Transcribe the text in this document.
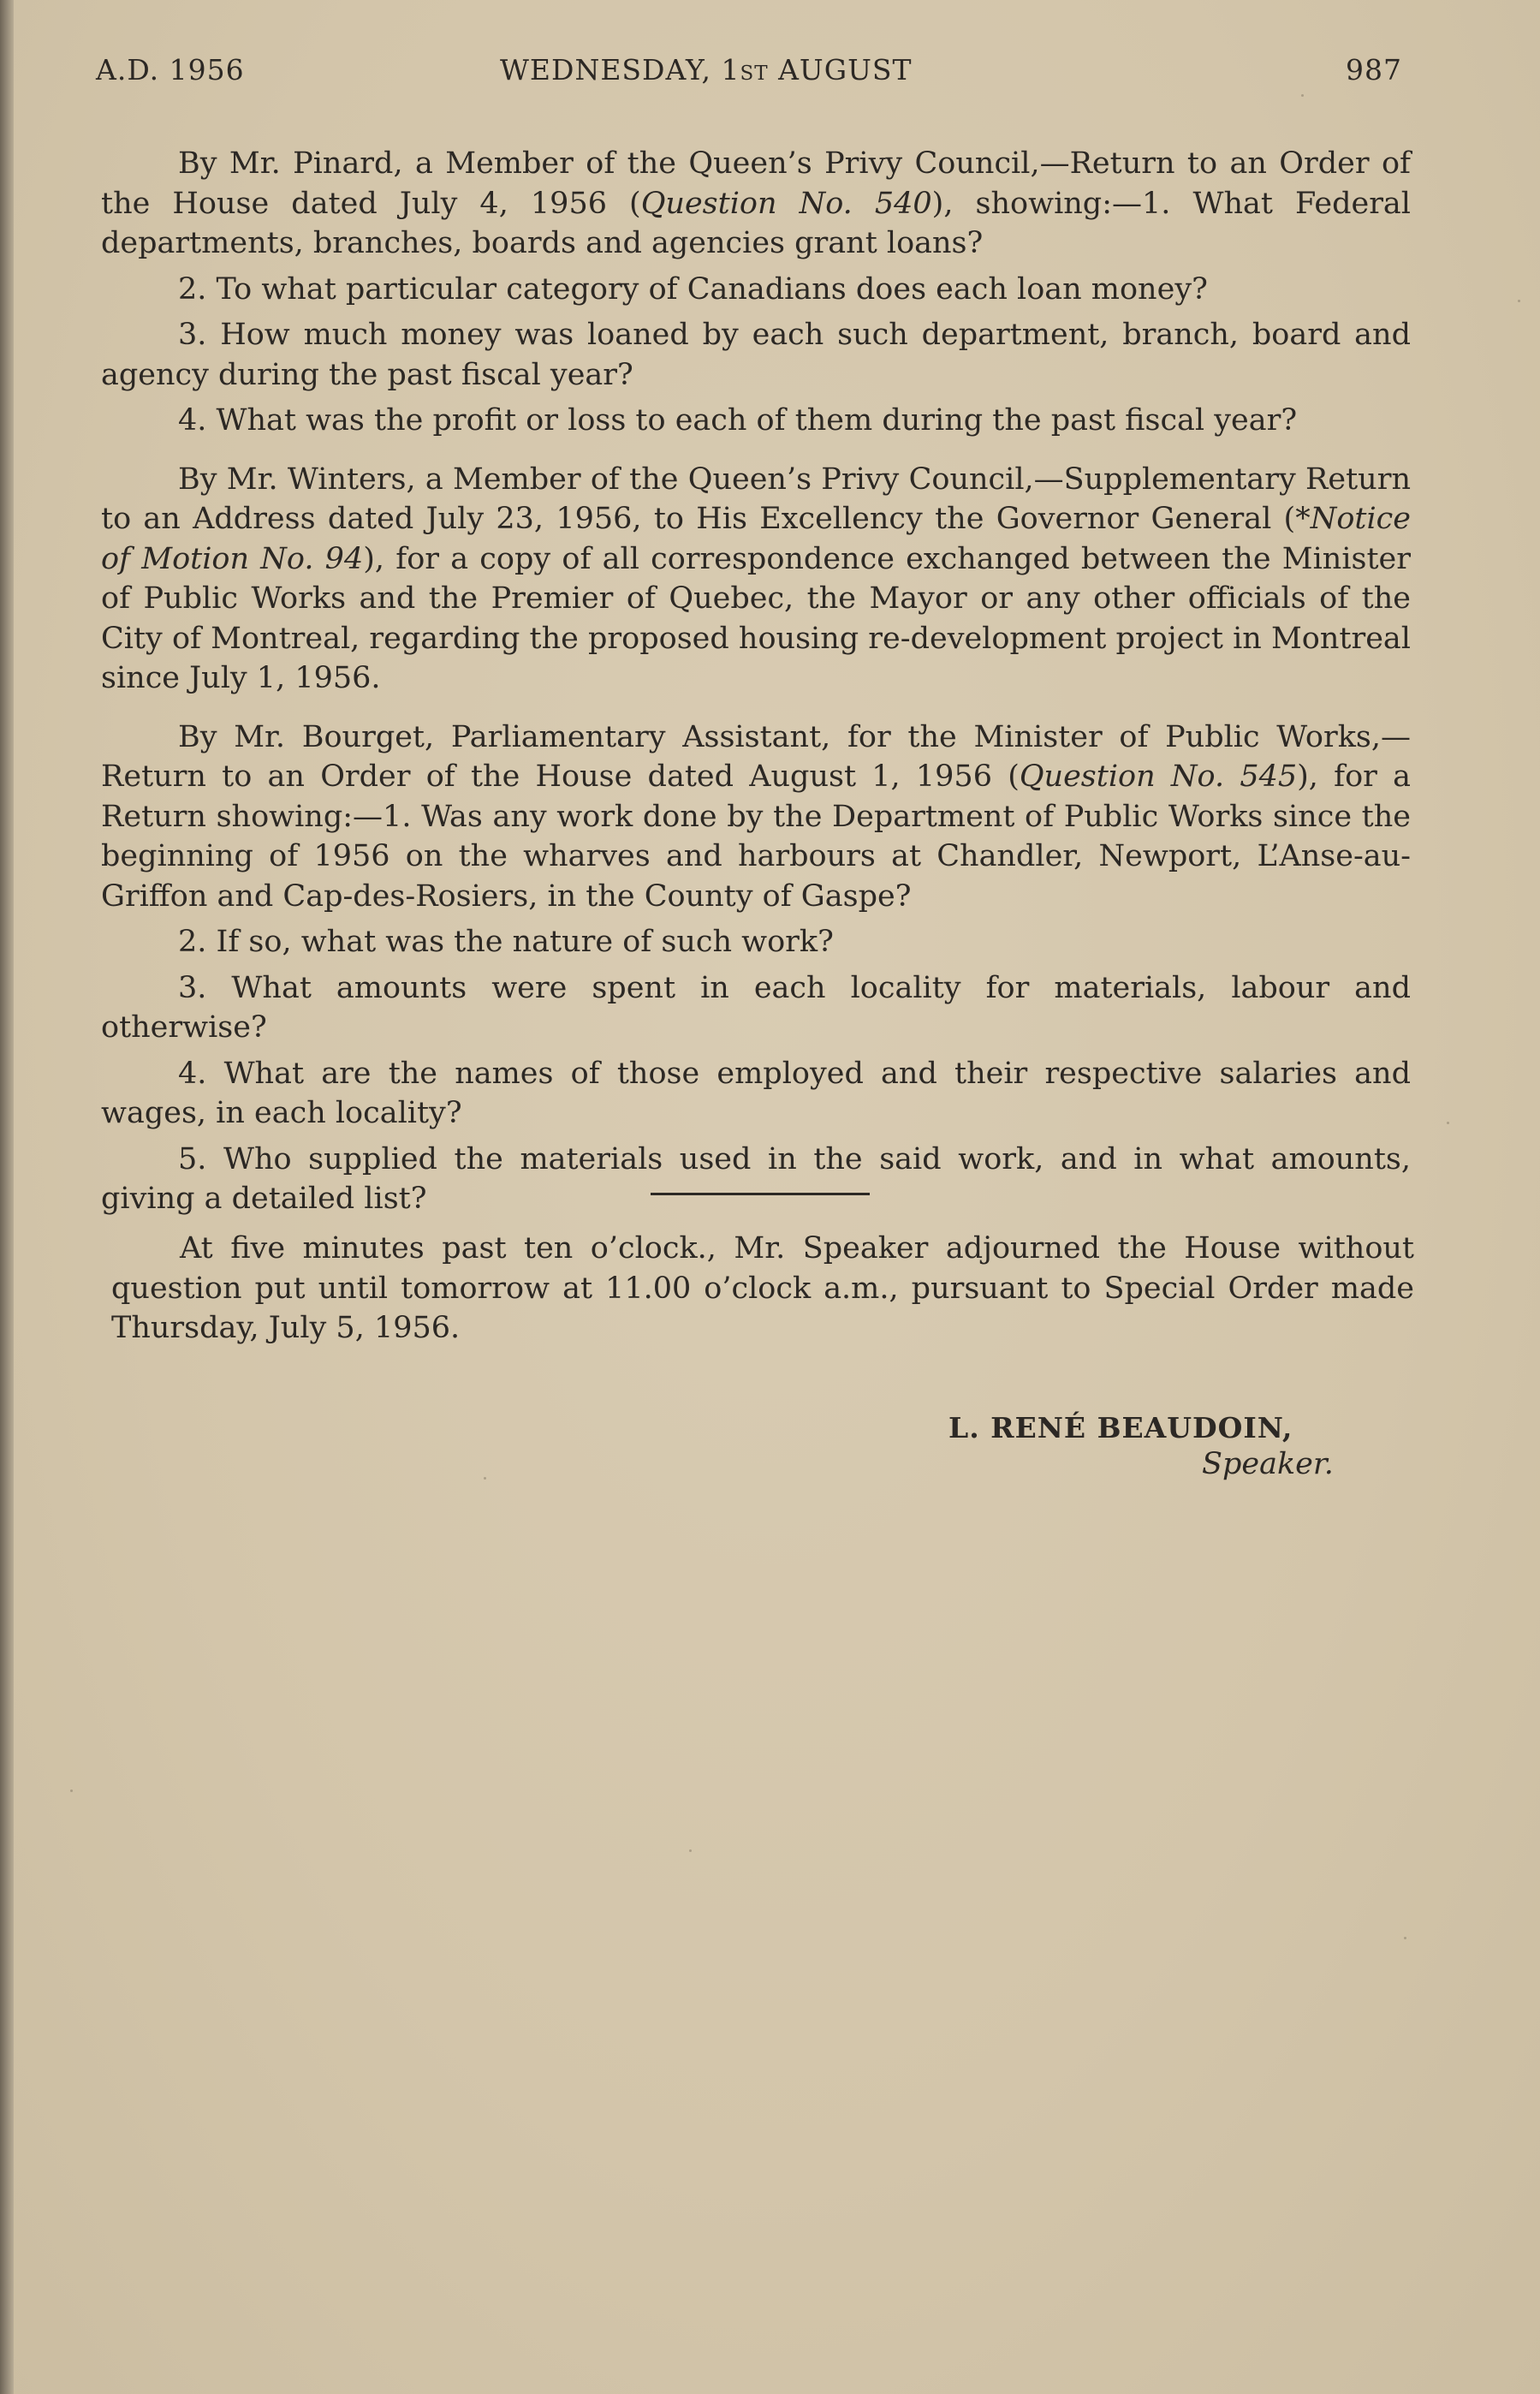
A.D. 1956	WEDNESDAY, 1st AUGUST	987

By Mr. Pinard, a Member of the Queen’s Privy Council,—Return to an Order of the House dated July 4, 1956 (Question No. 540), showing:—1. What Federal departments, branches, boards and agencies grant loans?

2. To what particular category of Canadians does each loan money?

3. How much money was loaned by each such department, branch, board and agency during the past fiscal year?

4. What was the profit or loss to each of them during the past fiscal year?

By Mr. Winters, a Member of the Queen’s Privy Council,—Supplementary Return to an Address dated July 23, 1956, to His Excellency the Governor General (*Notice of Motion No. 94), for a copy of all correspondence exchanged between the Minister of Public Works and the Premier of Quebec, the Mayor or any other officials of the City of Montreal, regarding the proposed housing re-development project in Montreal since July 1, 1956.

By Mr. Bourget, Parliamentary Assistant, for the Minister of Public Works,—Return to an Order of the House dated August 1, 1956 (Question No. 545), for a Return showing:—1. Was any work done by the Department of Public Works since the beginning of 1956 on the wharves and harbours at Chandler, Newport, L’Anse-au-Griffon and Cap-des-Rosiers, in the County of Gaspe?

2. If so, what was the nature of such work?

3. What amounts were spent in each locality for materials, labour and otherwise?

4. What are the names of those employed and their respective salaries and wages, in each locality?

5. Who supplied the materials used in the said work, and in what amounts, giving a detailed list?

At five minutes past ten o’clock., Mr. Speaker adjourned the House without question put until tomorrow at 11.00 o’clock a.m., pursuant to Special Order made Thursday, July 5, 1956.

L. RENÉ BEAUDOIN,
Speaker.
